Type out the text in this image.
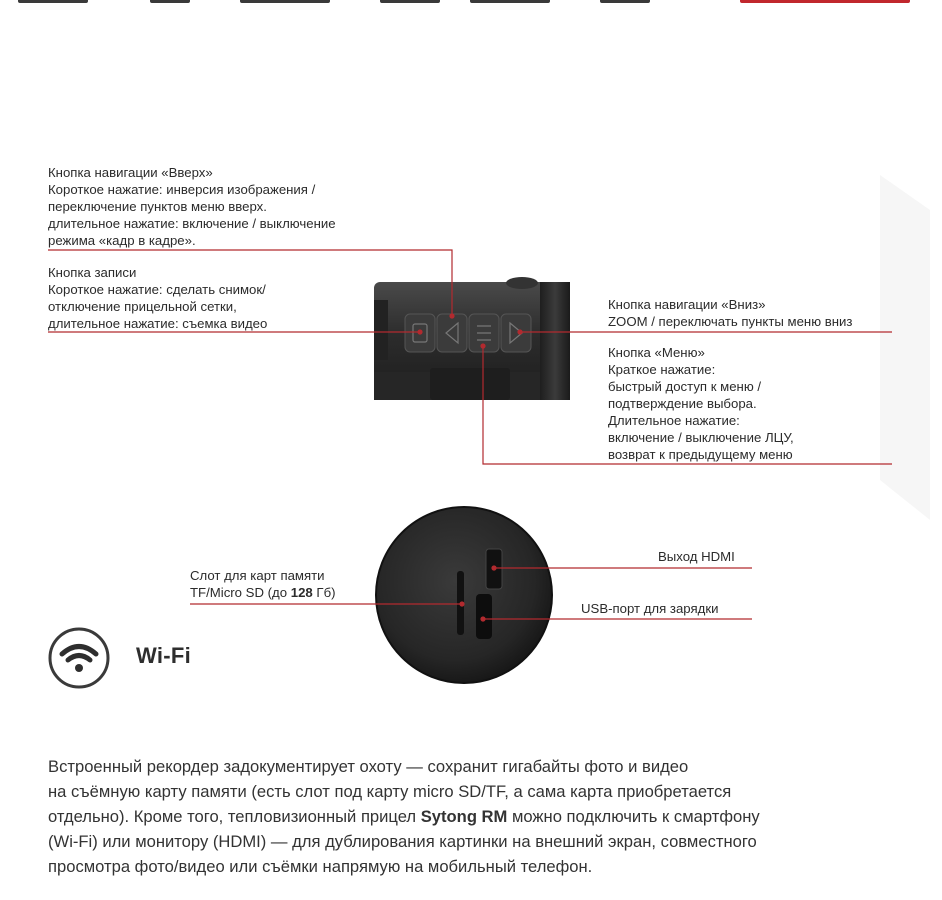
Кнопка навигации «Вверх»
Короткое нажатие: инверсия изображения /
переключение пунктов меню вверх.
длительное нажатие: включение / выключение
режима «кадр в кадре».
Кнопка записи
Короткое нажатие: сделать снимок/
отключение прицельной сетки,
длительное нажатие: съемка видео
Кнопка навигации «Вниз»
ZOOM / переключать пункты меню вниз
Кнопка «Меню»
Краткое нажатие:
быстрый доступ к меню /
подтверждение выбора.
Длительное нажатие:
включение / выключение ЛЦУ,
возврат к предыдущему меню
Слот для карт памяти
TF/Micro SD (до 128 Гб)
Выход HDMI
USB-порт для зарядки
Wi-Fi
Встроенный рекордер задокументирует охоту — сохранит гигабайты фото и видео
на съёмную карту памяти (есть слот под карту micro SD/TF, а сама карта приобретается
отдельно). Кроме того, тепловизионный прицел Sytong RM можно подключить к смартфону
(Wi-Fi) или монитору (HDMI) — для дублирования картинки на внешний экран, совместного
просмотра фото/видео или съёмки напрямую на мобильный телефон.
